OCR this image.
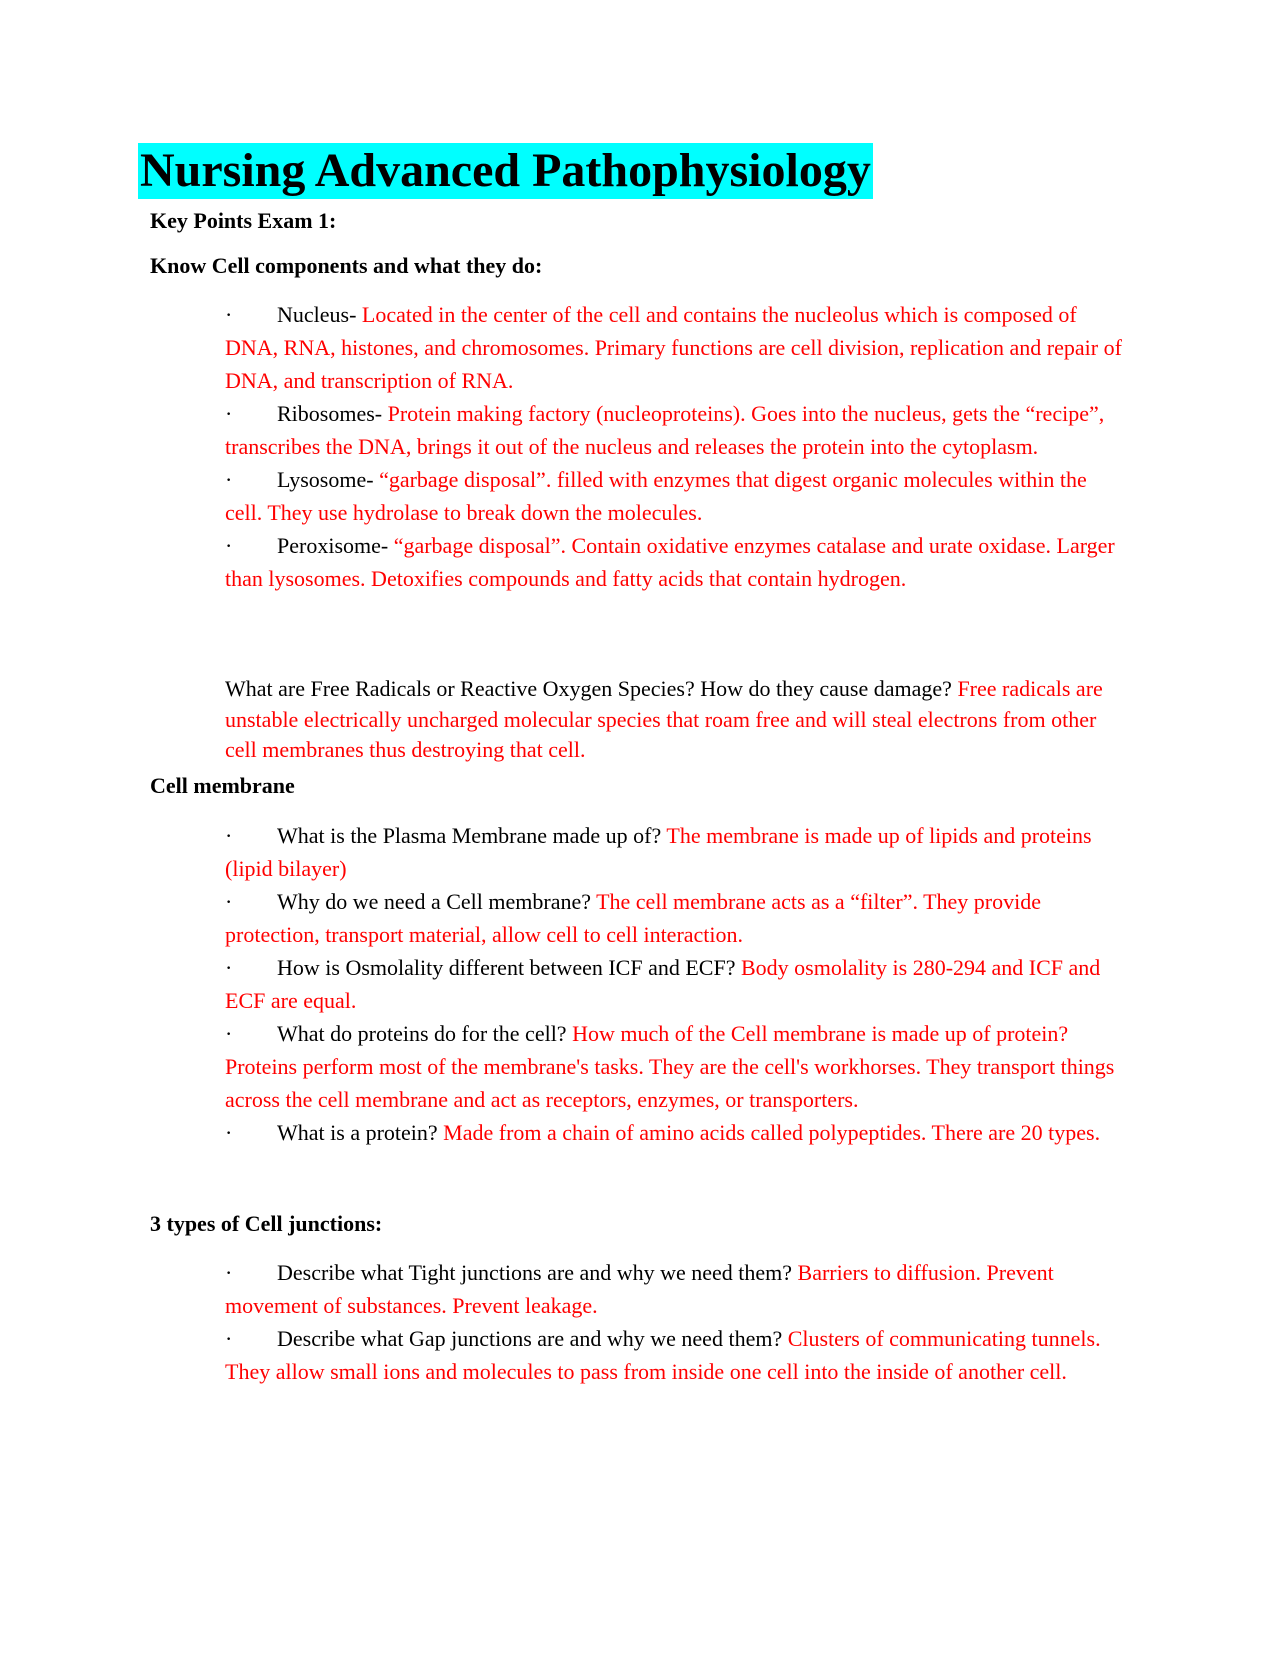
Nursing Advanced Pathophysiology
Key Points Exam 1:
Know Cell components and what they do:

· Nucleus- Located in the center of the cell and contains the nucleolus which is composed of DNA, RNA, histones, and chromosomes. Primary functions are cell division, replication and repair of DNA, and transcription of RNA.

· Ribosomes- Protein making factory (nucleoproteins). Goes into the nucleus, gets the “recipe”, transcribes the DNA, brings it out of the nucleus and releases the protein into the cytoplasm.

· Lysosome- “garbage disposal”. filled with enzymes that digest organic molecules within the cell. They use hydrolase to break down the molecules.

· Peroxisome- “garbage disposal”. Contain oxidative enzymes catalase and urate oxidase. Larger than lysosomes. Detoxifies compounds and fatty acids that contain hydrogen.

What are Free Radicals or Reactive Oxygen Species? How do they cause damage? Free radicals are unstable electrically uncharged molecular species that roam free and will steal electrons from other cell membranes thus destroying that cell.
Cell membrane

· What is the Plasma Membrane made up of? The membrane is made up of lipids and proteins (lipid bilayer)

· Why do we need a Cell membrane? The cell membrane acts as a “filter”. They provide protection, transport material, allow cell to cell interaction.

· How is Osmolality different between ICF and ECF? Body osmolality is 280-294 and ICF and ECF are equal.

· What do proteins do for the cell? How much of the Cell membrane is made up of protein? Proteins perform most of the membrane's tasks. They are the cell's workhorses. They transport things across the cell membrane and act as receptors, enzymes, or transporters.

· What is a protein? Made from a chain of amino acids called polypeptides. There are 20 types.

3 types of Cell junctions:

· Describe what Tight junctions are and why we need them? Barriers to diffusion. Prevent movement of substances. Prevent leakage.

· Describe what Gap junctions are and why we need them? Clusters of communicating tunnels. They allow small ions and molecules to pass from inside one cell into the inside of another cell.
